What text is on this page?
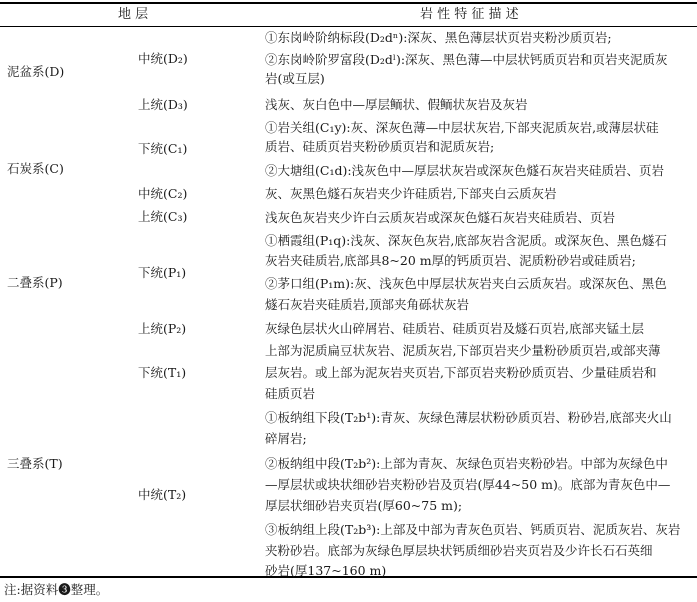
地 层	岩 性 特 征 描 述
泥盆系(D)
石炭系(C)
二叠系(P)
三叠系(T)
中统(D₂)
上统(D₃)
下统(C₁)
中统(C₂)
上统(C₃)
下统(P₁)
上统(P₂)
下统(T₁)
中统(T₂)
①东岗岭阶纳标段(D₂dⁿ):深灰、黑色薄层状页岩夹粉沙质页岩;
②东岗岭阶罗富段(D₂dˡ):深灰、黑色薄—中层状钙质页岩和页岩夹泥质灰
岩(或互层)
浅灰、灰白色中—厚层鲕状、假鲕状灰岩及灰岩
①岩关组(C₁y):灰、深灰色薄—中层状灰岩,下部夹泥质灰岩,或薄层状硅
质岩、硅质页岩夹粉砂质页岩和泥质灰岩;
②大塘组(C₁d):浅灰色中—厚层状灰岩或深灰色燧石灰岩夹硅质岩、页岩
灰、灰黑色燧石灰岩夹少许硅质岩,下部夹白云质灰岩
浅灰色灰岩夹少许白云质灰岩或深灰色燧石灰岩夹硅质岩、页岩
①栖霞组(P₁q):浅灰、深灰色灰岩,底部灰岩含泥质。或深灰色、黑色燧石
灰岩夹硅质岩,底部具8~20 m厚的钙质页岩、泥质粉砂岩或硅质岩;
②茅口组(P₁m):灰、浅灰色中厚层状灰岩夹白云质灰岩。或深灰色、黑色
燧石灰岩夹硅质岩,顶部夹角砾状灰岩
灰绿色层状火山碎屑岩、硅质岩、硅质页岩及燧石页岩,底部夹锰土层
上部为泥质扁豆状灰岩、泥质灰岩,下部页岩夹少量粉砂质页岩,或部夹薄
层灰岩。或上部为泥灰岩夹页岩,下部页岩夹粉砂质页岩、少量硅质岩和
硅质页岩
①板纳组下段(T₂b¹):青灰、灰绿色薄层状粉砂质页岩、粉砂岩,底部夹火山
碎屑岩;
②板纳组中段(T₂b²):上部为青灰、灰绿色页岩夹粉砂岩。中部为灰绿色中
—厚层状或块状细砂岩夹粉砂岩及页岩(厚44~50 m)。底部为青灰色中—
厚层状细砂岩夹页岩(厚60~75 m);
③板纳组上段(T₂b³):上部及中部为青灰色页岩、钙质页岩、泥质灰岩、灰岩
夹粉砂岩。底部为灰绿色厚层块状钙质细砂岩夹页岩及少许长石石英细
砂岩(厚137~160 m)
注:据资料❸整理。
